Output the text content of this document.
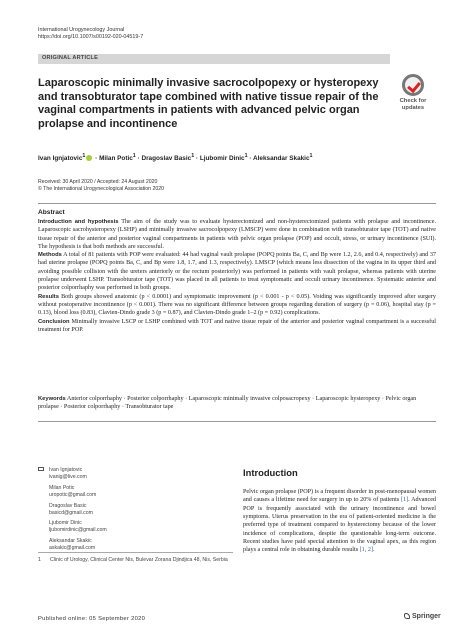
International Urogynecology Journal
https://doi.org/10.1007/s00192-020-04519-7
ORIGINAL ARTICLE
Check for
updates
Laparoscopic minimally invasive sacrocolpopexy or hysteropexy and transobturator tape combined with native tissue repair of the vaginal compartments in patients with advanced pelvic organ prolapse and incontinence
Ivan Ignjatovic$^1$ · Milan Potic$^1$ · Dragoslav Basic$^1$ · Ljubomir Dinic$^1$ · Aleksandar Skakic$^1$
Received: 30 April 2020 / Accepted: 24 August 2020
© The International Urogynecological Association 2020
Abstract

Introduction and hypothesis The aim of the study was to evaluate hysterectomized and non-hysterectomized patients with prolapse and incontinence. Laparoscopic sacrohysteropexy (LSHP) and minimally invasive sacrocolpopexy (LMSCP) were done in combination with transobturator tape (TOT) and native tissue repair of the anterior and posterior vaginal compartments in patients with pelvic organ prolapse (POP) and occult, stress, or urinary incontinence (SUI). The hypothesis is that both methods are successful.

Methods A total of 81 patients with POP were evaluated: 44 had vaginal vault prolapse (POPQ points Ba, C, and Bp were 1.2, 2.6, and 0.4, respectively) and 37 had uterine prolapse (POPQ points Ba, C, and Bp were 1.8, 1.7, and 1.3, respectively). LMSCP (which means less dissection of the vagina in its upper third and avoiding possible collision with the ureters anteriorly or the rectum posteriorly) was performed in patients with vault prolapse, whereas patients with uterine prolapse underwent LSHP. Transobturator tape (TOT) was placed in all patients to treat symptomatic and occult urinary incontinence. Systematic anterior and posterior colporrhaphy was performed in both groups.

Results Both groups showed anatomic (p < 0.0001) and symptomatic improvement (p < 0.001 - p < 0.05). Voiding was significantly improved after surgery without postoperative incontinence (p < 0.001). There was no significant difference between groups regarding duration of surgery (p = 0.06), hospital stay (p = 0.13), blood loss (0.83), Clavien-Dindo grade 3 (p = 0.87), and Clavien-Dindo grade 1–2 (p = 0.92) complications.

Conclusion Minimally invasive LSCP or LSHP combined with TOT and native tissue repair of the anterior and posterior vaginal compartment is a successful treatment for POP.

Keywords Anterior colporrhaphy · Posterior colporrhaphy · Laparoscopic minimally invasive colposacropexy · Laparoscopic hysteropexy · Pelvic organ prolapse · Posterior colporrhaphy · Transobturator tape
Ivan Ignjatovic
ivanig@live.com
Milan Potic
uropotic@gmail.com
Dragoslav Basic
basicd@gmail.com
Ljubomir Dinic
ljubomirdinic@gmail.com
Aleksandar Skakic
askakic@gmail.com
1	Clinic of Urology, Clinical Center Nis, Bulevar Zorana Djindjica 48, Nis, Serbia
Introduction
Pelvic organ prolapse (POP) is a frequent disorder in post-menopausal women and causes a lifetime need for surgery in up to 20% of patients [1]. Advanced POP is frequently associated with the urinary incontinence and bowel symptoms. Uterus preservation in the era of patient-oriented medicine is the preferred type of treatment compared to hysterectomy because of the lower incidence of complications, despite the questionable long-term outcome. Recent studies have paid special attention to the vaginal apex, as this region plays a central role in obtaining durable results [1, 2].
Published online: 05 September 2020	Springer
